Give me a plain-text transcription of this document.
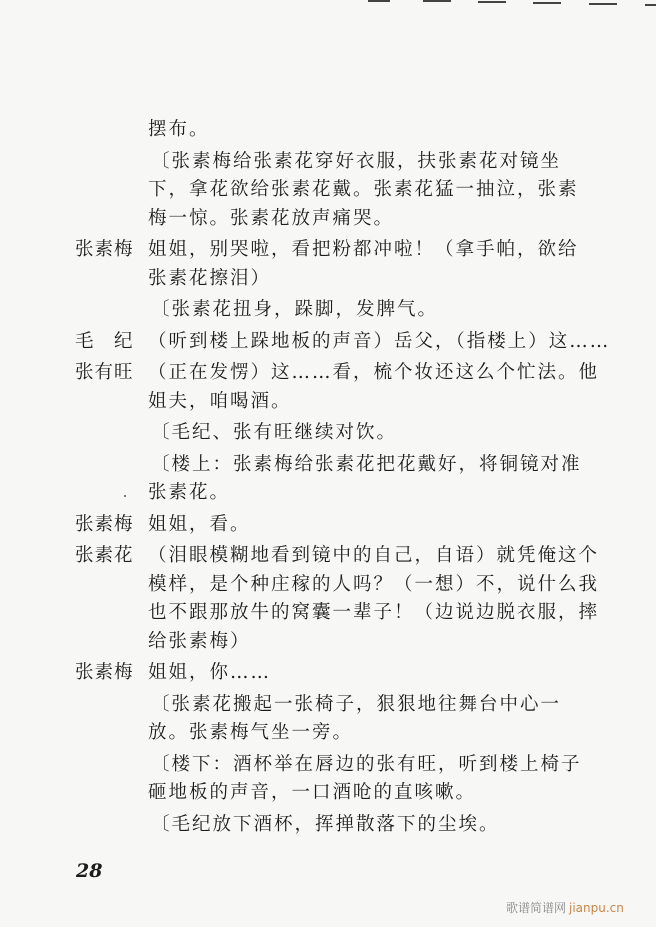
摆布。
〔张素梅给张素花穿好衣服，扶张素花对镜坐
下，拿花欲给张素花戴。张素花猛一抽泣，张素
梅一惊。张素花放声痛哭。
张素梅 姐姐，别哭啦，看把粉都冲啦！（拿手帕，欲给
张素花擦泪）
〔张素花扭身，跺脚，发脾气。
毛　纪 （听到楼上跺地板的声音）岳父，（指楼上）这……
张有旺 （正在发愣）这……看，梳个妆还这么个忙法。他
姐夫，咱喝酒。
〔毛纪、张有旺继续对饮。
〔楼上：张素梅给张素花把花戴好，将铜镜对准
张素花。
张素梅 姐姐，看。
张素花 （泪眼模糊地看到镜中的自己，自语）就凭俺这个
模样，是个种庄稼的人吗？（一想）不，说什么我
也不跟那放牛的窝囊一辈子！（边说边脱衣服，摔
给张素梅）
张素梅 姐姐，你……
〔张素花搬起一张椅子，狠狠地往舞台中心一
放。张素梅气坐一旁。
〔楼下：酒杯举在唇边的张有旺，听到楼上椅子
砸地板的声音，一口酒呛的直咳嗽。
〔毛纪放下酒杯，挥掸散落下的尘埃。
28
歌谱简谱网 jianpu.cn
